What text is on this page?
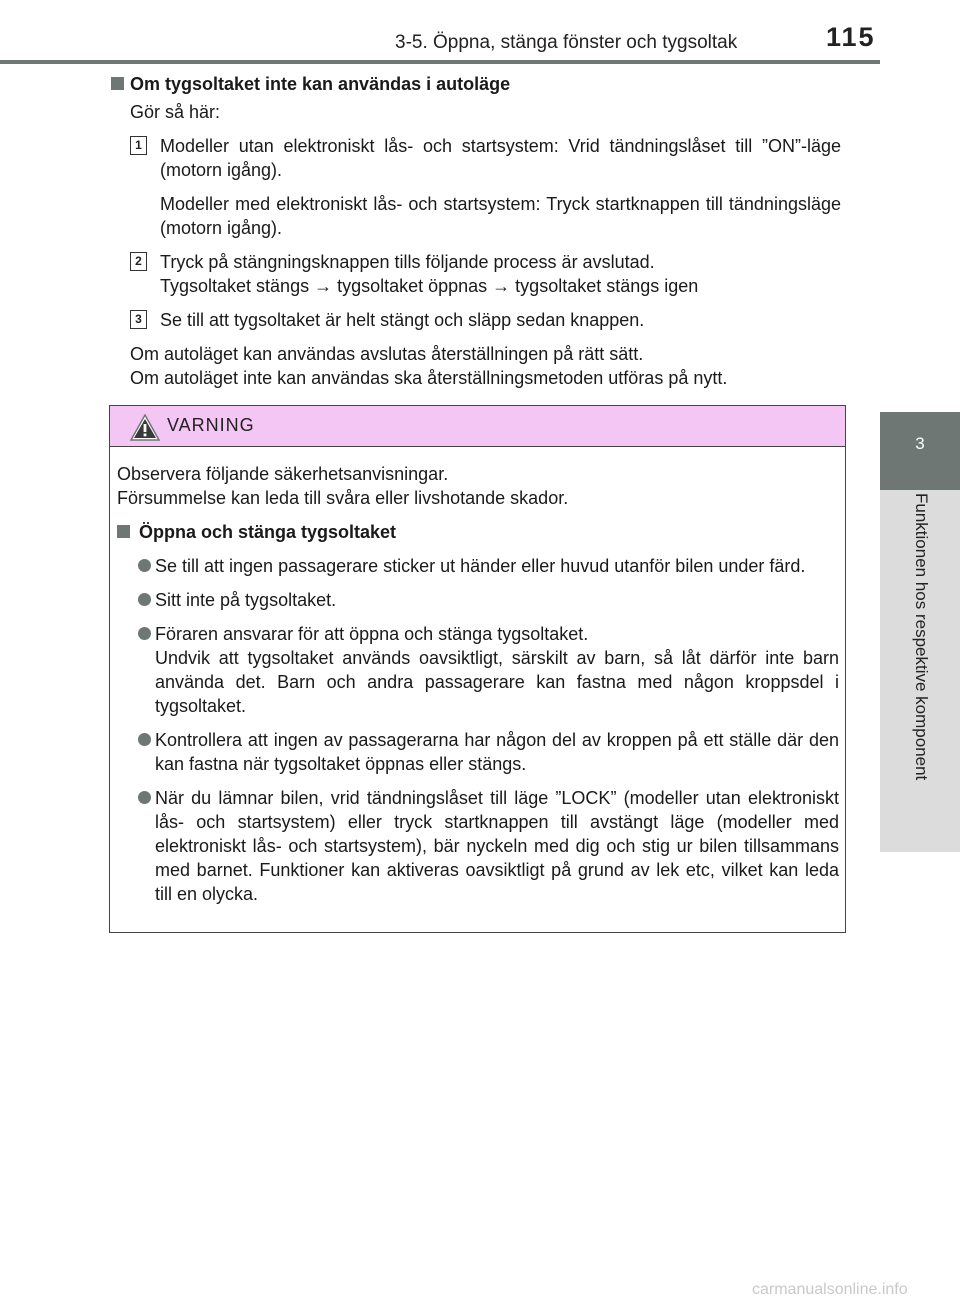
3-5. Öppna, stänga fönster och tygsoltak	115
3
Funktionen hos respektive komponent

Om tygsoltaket inte kan användas i autoläge

Gör så här:

1 Modeller utan elektroniskt lås- och startsystem: Vrid tändningslåset till ”ON”-läge (motorn igång).
Modeller med elektroniskt lås- och startsystem: Tryck startknappen till tändningsläge (motorn igång).
2 Tryck på stängningsknappen tills följande process är avslutad.
Tygsoltaket stängs → tygsoltaket öppnas → tygsoltaket stängs igen
3 Se till att tygsoltaket är helt stängt och släpp sedan knappen.

Om autoläget kan användas avslutas återställningen på rätt sätt.
Om autoläget inte kan användas ska återställningsmetoden utföras på nytt.

VARNING

Observera följande säkerhetsanvisningar.
Försummelse kan leda till svåra eller livshotande skador.

Öppna och stänga tygsoltaket

Se till att ingen passagerare sticker ut händer eller huvud utanför bilen under färd.
Sitt inte på tygsoltaket.
Föraren ansvarar för att öppna och stänga tygsoltaket.
Undvik att tygsoltaket används oavsiktligt, särskilt av barn, så låt därför inte barn använda det. Barn och andra passagerare kan fastna med någon kroppsdel i tygsoltaket.
Kontrollera att ingen av passagerarna har någon del av kroppen på ett ställe där den kan fastna när tygsoltaket öppnas eller stängs.
När du lämnar bilen, vrid tändningslåset till läge ”LOCK” (modeller utan elektroniskt lås- och startsystem) eller tryck startknappen till avstängt läge (modeller med elektroniskt lås- och startsystem), bär nyckeln med dig och stig ur bilen tillsammans med barnet. Funktioner kan aktiveras oavsiktligt på grund av lek etc, vilket kan leda till en olycka.
carmanualsonline.info
